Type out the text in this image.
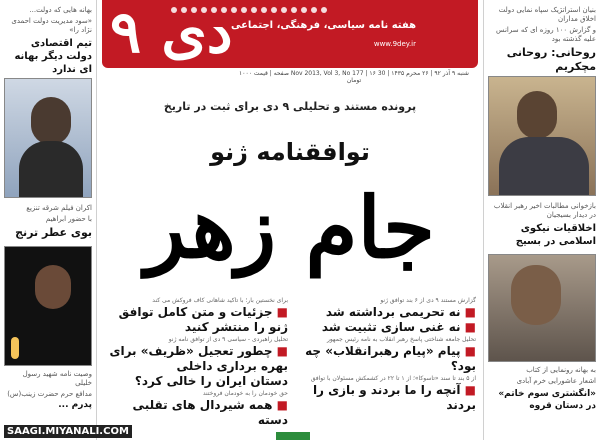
بنیان استراتژیک سپاه نمایی دولت اخلاق مداران
و گزارش ۱۰۰ روزه ای که سرانس علیه گذشته بود
روحانی: روحانی مچکریم
بازخوانی مطالبات اخیر رهبر انقلاب در دیدار بسیجیان
اخلاقیات نیکوی اسلامی در بسیج
به بهانه رونمایی از کتاب
اشعار عاشورایی خرم آبادی
«انگشتری سوم خاتم» در دستان قروه
بهانه هایی که دولت...
«سود مدیریت دولت احمدی نژاد را»
تیم اقتصادی دولت دیگر بهانه ای ندارد
اکران فیلم شرقه تنزیع
با حضور ابراهیم
بوی عطر ترنج
وصیت نامه شهید رسول خلیلی
مدافع حرم حضرت زینب(س)
پدرم ...
۹ دی
هفته نامه سیاسی، فرهنگی، اجتماعی
www.9dey.ir
شنبه ۹ آذر ۹۲ | ۲۶ محرم ۱۴۳۵ | 30 Nov 2013, Vol 3, No 177 | ۱۶ صفحه | قیمت ۱۰۰۰ تومان
پرونده مستند و تحلیلی ۹ دی برای ثبت در تاریخ
توافقنامه ژنو
جام زهر
گزارش مستند ۹ دی از ۶ بند توافق ژنو
■ نه تحریمی برداشته شد
■ نه غنی سازی تثبیت شد
تحلیل جامعه شناختی پاسخ رهبر انقلاب به نامه رئیس جمهور
■ پیام «پیام رهبرانقلاب» چه بود؟
از ۵ بند تا سند «تاسوکا»؛ از ۱ تا ۲۲ در کشمکش مسئولان با توافق
■ آنچه را ما بردند و بازی را بردند
برای نخستین بار؛ با تاکید شاهانی کاف فروکش می کند
■ جزئیات و متن کامل توافق ژنو را منتشر کنید
تحلیل راهبردی - سیاسی ۹ دی از توافق نامه ژنو
■ چطور تعجیل «ظریف» برای بهره برداری داخلی
دستان ایران را خالی کرد؟
حق خودمان را به خودمان فروختند
■ همه شیردال های تقلبی دسته
SAAGI.MIYANALI.COM
